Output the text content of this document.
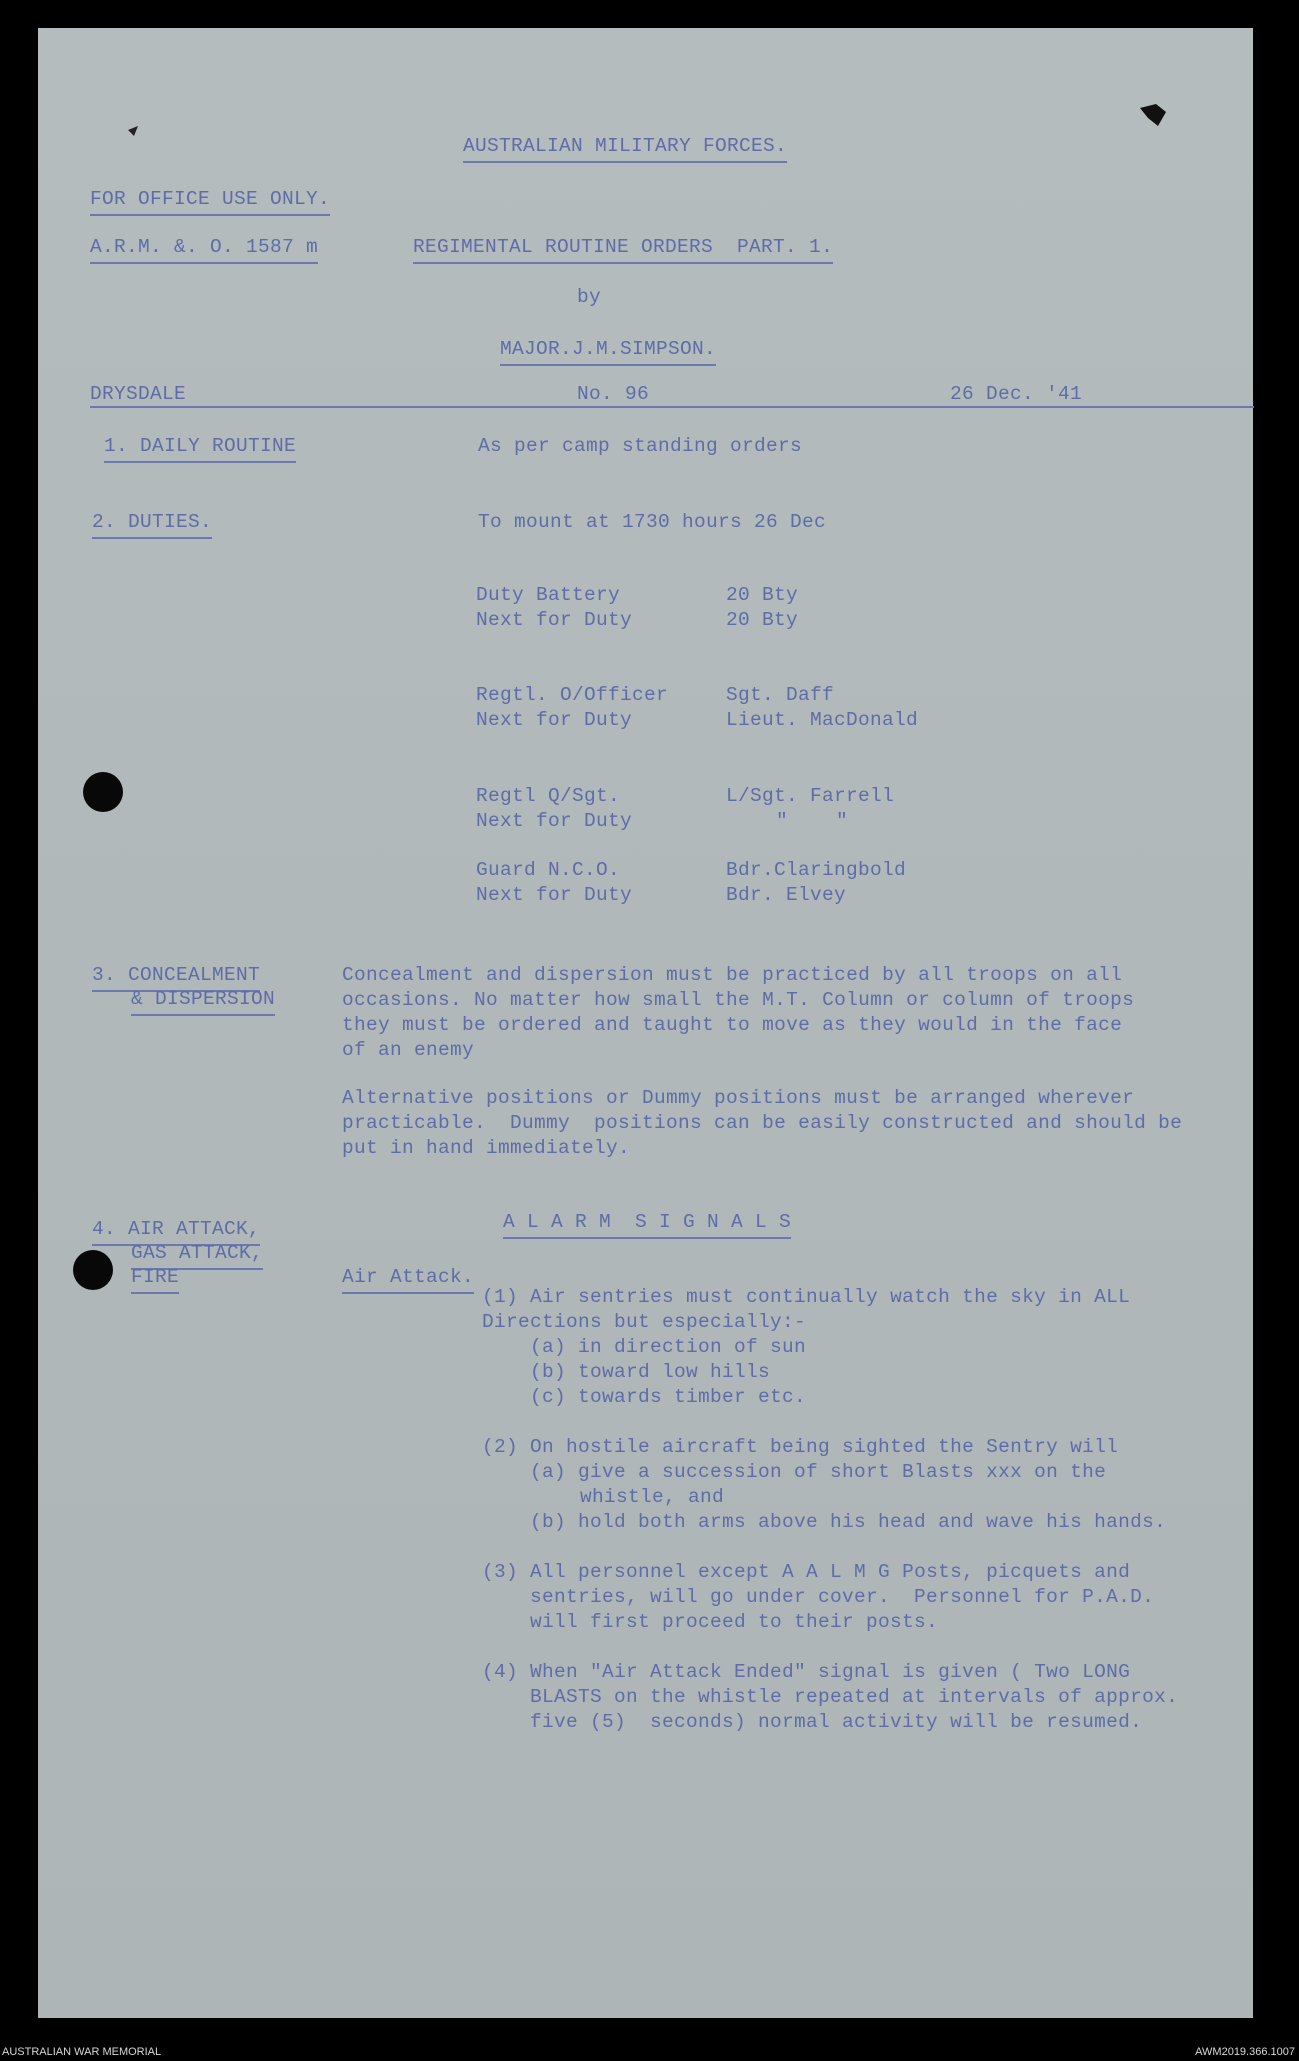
AUSTRALIAN MILITARY FORCES.
FOR OFFICE USE ONLY.
A.R.M. &. O. 1587 m	REGIMENTAL ROUTINE ORDERS  PART. 1.
by
MAJOR.J.M.SIMPSON.
DRYSDALE	No. 96	26 Dec. '41
1. DAILY ROUTINE	As per camp standing orders
2. DUTIES.	To mount at 1730 hours 26 Dec
Duty Battery	20 Bty
Next for Duty	20 Bty
Regtl. O/Officer	Sgt. Daff
Next for Duty	Lieut. MacDonald
Regtl Q/Sgt.	L/Sgt. Farrell
Next for Duty	"    "
Guard N.C.O.	Bdr.Claringbold
Next for Duty	Bdr. Elvey
3. CONCEALMENT
& DISPERSION
Concealment and dispersion must be practiced by all troops on all
occasions. No matter how small the M.T. Column or column of troops
they must be ordered and taught to move as they would in the face
of an enemy
Alternative positions or Dummy positions must be arranged wherever
practicable.  Dummy  positions can be easily constructed and should be
put in hand immediately.
4. AIR ATTACK,
GAS ATTACK,
FIRE
A L A R M  S I G N A L S
Air Attack.
(1) Air sentries must continually watch the sky in ALL
Directions but especially:-
(a) in direction of sun
(b) toward low hills
(c) towards timber etc.
(2) On hostile aircraft being sighted the Sentry will
(a) give a succession of short Blasts xxx on the
whistle, and
(b) hold both arms above his head and wave his hands.
(3) All personnel except A A L M G Posts, picquets and
sentries, will go under cover.  Personnel for P.A.D.
will first proceed to their posts.
(4) When "Air Attack Ended" signal is given ( Two LONG
BLASTS on the whistle repeated at intervals of approx.
five (5)  seconds) normal activity will be resumed.
AUSTRALIAN WAR MEMORIAL	AWM2019.366.1007
